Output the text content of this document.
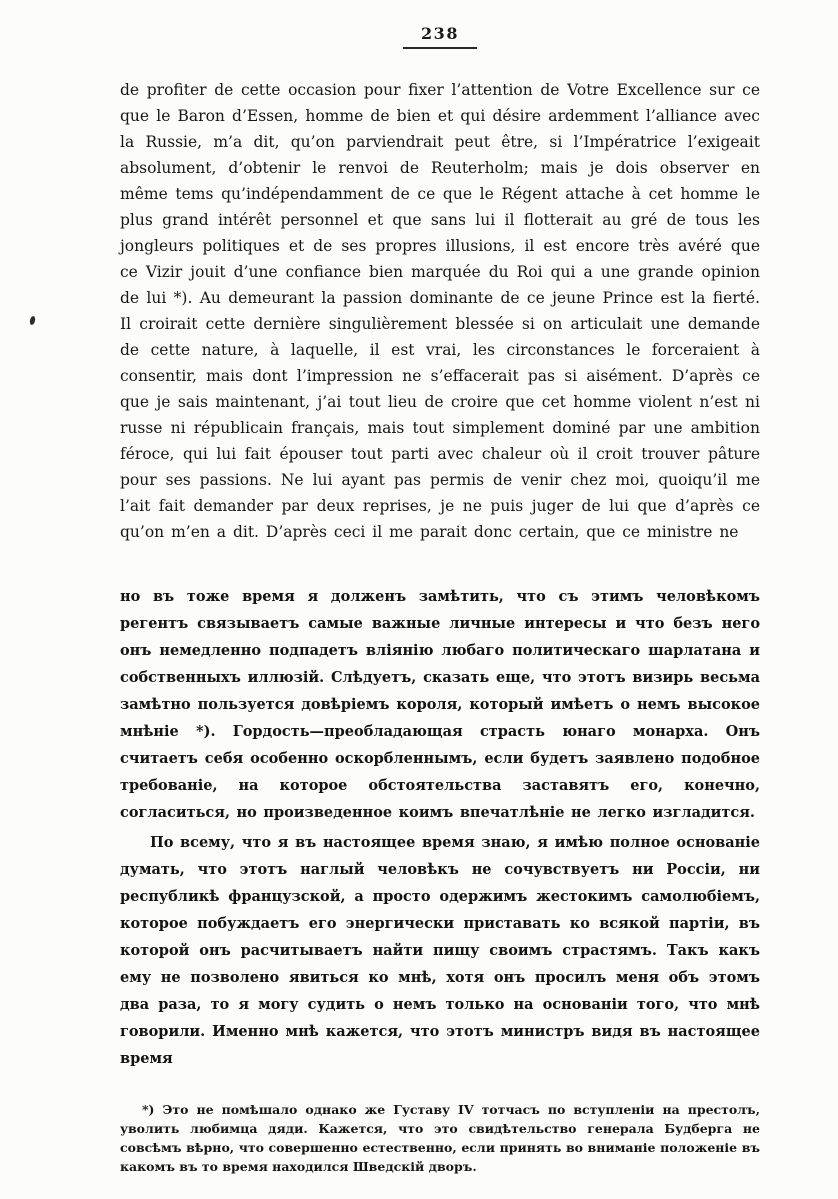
238

de profiter de cette occasion pour fixer l’attention de Votre Excellence sur ce que le Baron d’Essen, homme de bien et qui désire ardemment l’alliance avec la Russie, m’a dit, qu’on parviendrait peut être, si l’Impératrice l’exigeait absolument, d’obtenir le renvoi de Reuterholm; mais je dois observer en même tems qu’indépendamment de ce que le Régent attache à cet homme le plus grand intérêt personnel et que sans lui il flotterait au gré de tous les jongleurs politiques et de ses propres illusions, il est encore très avéré que ce Vizir jouit d’une confiance bien marquée du Roi qui a une grande opinion de lui *). Au demeurant la passion dominante de ce jeune Prince est la fierté. Il croirait cette dernière singulièrement blessée si on articulait une demande de cette nature, à laquelle, il est vrai, les circonstances le forceraient à consentir, mais dont l’impression ne s’effacerait pas si aisément. D’après ce que je sais maintenant, j’ai tout lieu de croire que cet homme violent n’est ni russe ni républicain français, mais tout simplement dominé par une ambition féroce, qui lui fait épouser tout parti avec chaleur où il croit trouver pâture pour ses passions. Ne lui ayant pas permis de venir chez moi, quoiqu’il me l’ait fait demander par deux reprises, je ne puis juger de lui que d’après ce qu’on m’en a dit. D’après ceci il me parait donc certain, que ce ministre ne

но въ тоже время я долженъ замѣтить, что съ этимъ человѣкомъ регентъ связываетъ самые важные личные интересы и что безъ него онъ немедленно подпадетъ вліянію любаго политическаго шарлатана и собственныхъ иллюзій. Слѣдуетъ, сказать еще, что этотъ визирь весьма замѣтно пользуется довѣріемъ короля, который имѣетъ о немъ высокое мнѣніе *). Гордость—преобладающая страсть юнаго монарха. Онъ считаетъ себя особенно оскорбленнымъ, если будетъ заявлено подобное требованіе, на которое обстоятельства заставятъ его, конечно, согласиться, но произведенное коимъ впечатлѣніе не легко изгладится.

По всему, что я въ настоящее время знаю, я имѣю полное основаніе думать, что этотъ наглый человѣкъ не сочувствуетъ ни Россіи, ни республикѣ французской, а просто одержимъ жестокимъ самолюбіемъ, которое побуждаетъ его энергически приставать ко всякой партіи, въ которой онъ расчитываетъ найти пищу своимъ страстямъ. Такъ какъ ему не позволено явиться ко мнѣ, хотя онъ просилъ меня объ этомъ два раза, то я могу судить о немъ только на основаніи того, что мнѣ говорили. Именно мнѣ кажется, что этотъ министръ видя въ настоящее время

*) Это не помѣшало однако же Густаву IV тотчасъ по вступленіи на престолъ, уволить любимца дяди. Кажется, что это свидѣтельство генерала Будберга не совсѣмъ вѣрно, что совершенно естественно, если принять во вниманіе положеніе въ какомъ въ то время находился Шведскій дворъ.
